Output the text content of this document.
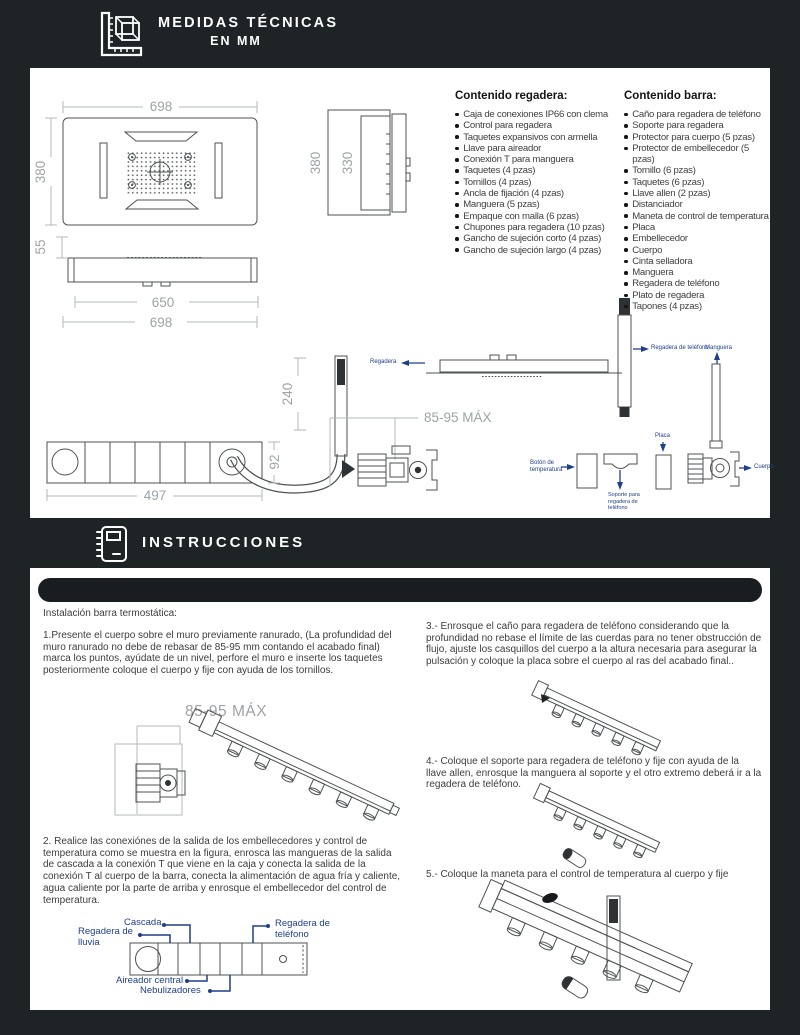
MEDIDAS TÉCNICAS
EN MM
698
380
55
650
698
380 330
240
497
92
85-95 MÁX
Contenido regadera:
Caja de conexiones IP66 con clema
Control para regadera
Taquetes expansivos con armella
Llave para aireador
Conexión T para manguera
Taquetes (4 pzas)
Tornillos (4 pzas)
Ancla de fijación (4 pzas)
Manguera (5 pzas)
Empaque con malla (6 pzas)
Chupones para regadera (10 pzas)
Gancho de sujeción corto (4 pzas)
Gancho de sujeción largo (4 pzas)
Contenido barra:
Caño para regadera de teléfono
Soporte para regadera
Protector para cuerpo (5 pzas)
Protector de embellecedor (5 pzas)
Tornillo (6 pzas)
Taquetes (6 pzas)
Llave allen (2 pzas)
Distanciador
Maneta de control de temperatura
Placa
Embellecedor
Cuerpo
Cinta selladora
Manguera
Regadera de teléfono
Plato de regadera
Tapones (4 pzas)
Regadera
Regadera de teléfono
Manguera
Placa
Cuerpo
Botón de temperatura
Soporte para regadera de teléfono
INSTRUCCIONES
Instalación barra termostática:

1.Presente el cuerpo sobre el muro previamente ranurado, (La profundidad del muro ranurado no debe de rebasar de 85-95 mm contando el acabado final) marca los puntos, ayúdate de un nivel, perfore el muro e inserte los taquetes posteriormente coloque el cuerpo y fije con ayuda de los tornillos.

2. Realice las conexiónes de la salida de los embellecedores y control de temperatura como se muestra en la figura, enrosca las mangueras de la salida de cascada a la conexión T que viene en la caja y conecta la salida de la conexión T al cuerpo de la barra, conecta la alimentación de agua fría y caliente, agua caliente por la parte de arriba y enrosque el embellecedor del control de temperatura.

3.- Enrosque el caño para regadera de teléfono considerando que la profundidad no rebase el límite de las cuerdas para no tener obstrucción de flujo, ajuste los casquillos del cuerpo a la altura necesaria para asegurar la pulsación y coloque la placa sobre el cuerpo al ras del acabado final..

4.- Coloque el soporte para regadera de teléfono y fije con ayuda de la llave allen, enrosque la manguera al soporte y el otro extremo deberá ir a la regadera de teléfono.

5.- Coloque la maneta para el control de temperatura al cuerpo y fije

85-95 MÁX
Cascada
Regadera de lluvia
Regadera de teléfono
Aireador central
Nebulizadores
